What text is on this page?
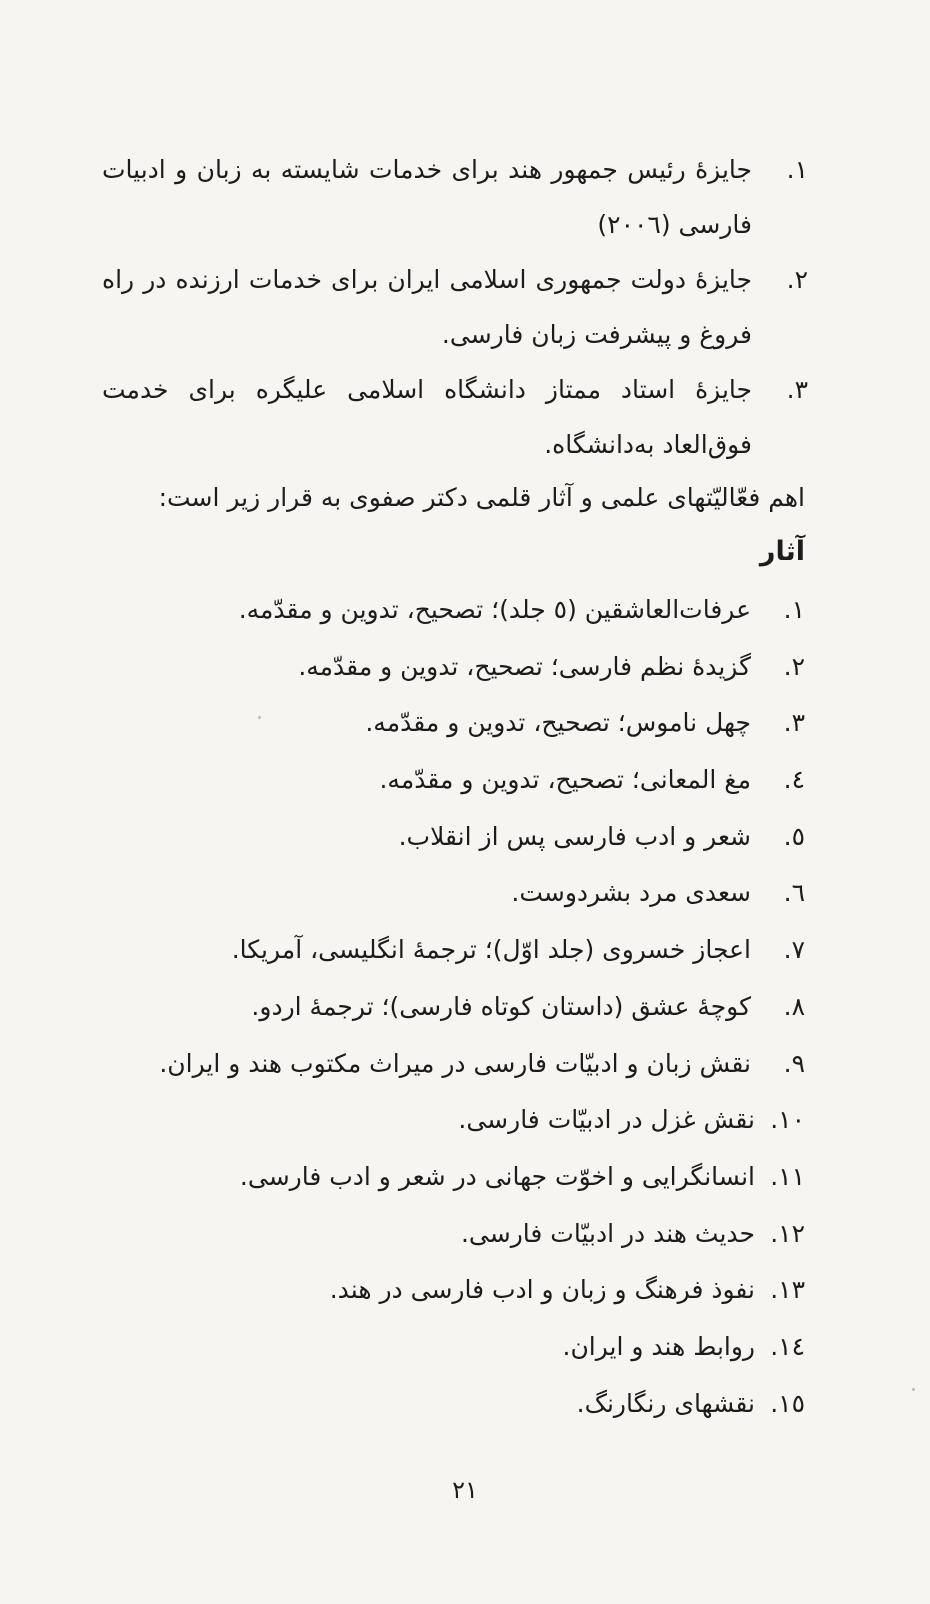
۱.
جایزهٔ رئیس جمهور هند برای خدمات شایسته به زبان و ادبیات فارسی (۲۰۰٦)
۲.
جایزهٔ دولت جمهوری اسلامی ایران برای خدمات ارزنده در راه فروغ و پیشرفت زبان فارسی.
۳.
جایزهٔ استاد ممتاز دانشگاه اسلامی علیگره برای خدمت فوق‌العاد به‌دانشگاه.

اهم فعّالیّتهای علمی و آثار قلمی دکتر صفوی به قرار زیر است:

آثار
۱.عرفات‌العاشقین (٥ جلد)؛ تصحیح، تدوین و مقدّمه.
۲.گزیدهٔ نظم فارسی؛ تصحیح، تدوین و مقدّمه.
۳.چهل ناموس؛ تصحیح، تدوین و مقدّمه.
٤.مغ المعانی؛ تصحیح، تدوین و مقدّمه.
٥.شعر و ادب فارسی پس از انقلاب.
٦.سعدی مرد بشردوست.
۷.اعجاز خسروی (جلد اوّل)؛ ترجمهٔ انگلیسی، آمریکا.
۸.کوچهٔ عشق (داستان کوتاه فارسی)؛ ترجمهٔ اردو.
۹.نقش زبان و ادبیّات فارسی در میراث مکتوب هند و ایران.
۱۰.نقش غزل در ادبیّات فارسی.
۱۱.انسانگرایی و اخوّت جهانی در شعر و ادب فارسی.
۱۲.حدیث هند در ادبیّات فارسی.
۱۳.نفوذ فرهنگ و زبان و ادب فارسی در هند.
۱٤.روابط هند و ایران.
۱٥.نقشهای رنگارنگ.
۲۱
